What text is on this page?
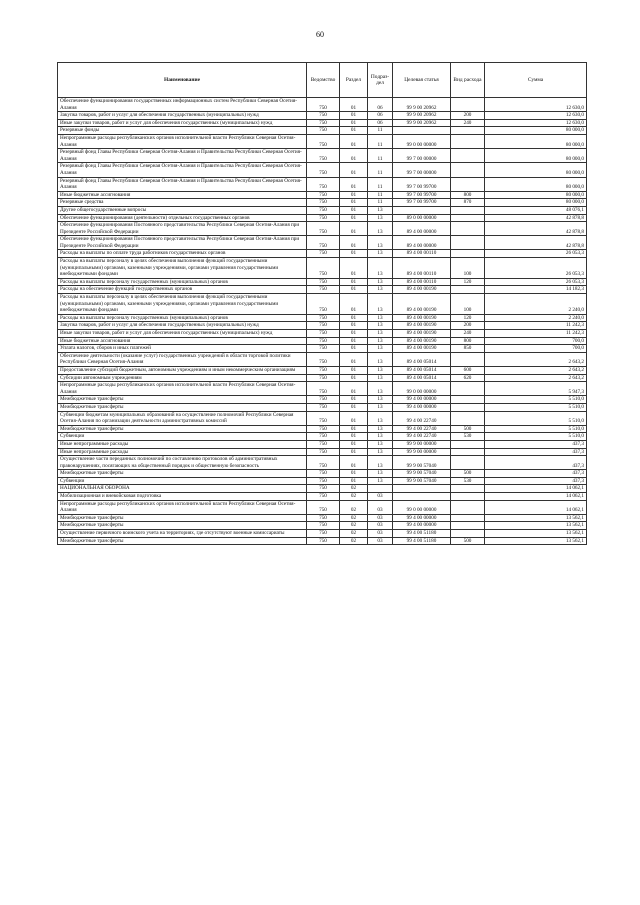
60
Наименование	Ведомство	Раздел	Подраз-дел	Целевая статья	Вид расхода	Сумма
Обеспечение функционирования государственных информационных систем Республики Северная Осетия-Алания	750	01	06	99 9 00 20962		12 630,0
Закупка товаров, работ и услуг для обеспечения государственных (муниципальных) нужд	750	01	06	99 9 00 20962	200	12 630,0
Иные закупки товаров, работ и услуг для обеспечения государственных (муниципальных) нужд	750	01	06	99 9 00 20962	240	12 630,0
Резервные фонды	750	01	11			80 000,0
Непрограммные расходы республиканских органов исполнительной власти Республики Северная Осетия-Алания	750	01	11	99 0 00 00000		80 000,0
Резервный фонд Главы Республики Северная Осетия-Алания и Правительства Республики Северная Осетия-Алания	750	01	11	99 7 00 00000		80 000,0
Резервный фонд Главы Республики Северная Осетия-Алания и Правительства Республики Северная Осетия-Алания	750	01	11	99 7 00 00000		80 000,0
Резервный фонд Главы Республики Северная Осетия-Алания и Правительства Республики Северная Осетия-Алания	750	01	11	99 7 00 99700		80 000,0
Иные бюджетные ассигнования	750	01	11	99 7 00 99700	800	80 000,0
Резервные средства	750	01	11	99 7 00 99700	870	80 000,0
Другие общегосударственные вопросы	750	01	13			48 076,1
Обеспечение функционирования (деятельности) отдельных государственных органов	750	01	13	89 0 00 00000		42 878,8
Обеспечение функционирования Постоянного представительства Республики Северная Осетия-Алания при Президенте Российской Федерации	750	01	13	89 4 00 00000		42 878,8
Обеспечение функционирования Постоянного представительства Республики Северная Осетия-Алания при Президенте Российской Федерации	750	01	13	89 4 00 00000		42 878,8
Расходы на выплаты по оплате труда работников государственных органов	750	01	13	89 4 00 00110		26 053,3
Расходы на выплаты персоналу в целях обеспечения выполнения функций государственными (муниципальными) органами, казенными учреждениями, органами управления государственными внебюджетными фондами	750	01	13	89 4 00 00110	100	26 053,3
Расходы на выплаты персоналу государственных (муниципальных) органов	750	01	13	89 4 00 00110	120	26 053,3
Расходы на обеспечение функций государственных органов	750	01	13	89 4 00 00190		14 182,3
Расходы на выплаты персоналу в целях обеспечения выполнения функций государственными (муниципальными) органами, казенными учреждениями, органами управления государственными внебюджетными фондами	750	01	13	89 4 00 00190	100	2 240,0
Расходы на выплаты персоналу государственных (муниципальных) органов	750	01	13	89 4 00 00190	120	2 240,0
Закупка товаров, работ и услуг для обеспечения государственных (муниципальных) нужд	750	01	13	89 4 00 00190	200	11 242,3
Иные закупки товаров, работ и услуг для обеспечения государственных (муниципальных) нужд	750	01	13	89 4 00 00190	240	11 242,3
Иные бюджетные ассигнования	750	01	13	89 4 00 00190	800	700,0
Уплата налогов, сборов и иных платежей	750	01	13	89 4 00 00190	850	700,0
Обеспечение деятельности (оказание услуг) государственных учреждений в области торговой политики Республики Северная Осетия-Алания	750	01	13	89 4 00 05014		2 643,2
Предоставление субсидий бюджетным, автономным учреждениям и иным некоммерческим организациям	750	01	13	89 4 00 05014	600	2 643,2
Субсидии автономным учреждениям	750	01	13	89 4 00 05014	620	2 643,2
Непрограммные расходы республиканских органов исполнительной власти Республики Северная Осетия-Алания	750	01	13	99 0 00 00000		5 947,3
Межбюджетные трансферты	750	01	13	99 4 00 00000		5 510,0
Межбюджетные трансферты	750	01	13	99 4 00 00000		5 510,0
Субвенции бюджетам муниципальных образований на осуществление полномочий Республики Северная Осетия-Алания по организации деятельности административных комиссий	750	01	13	99 4 00 22740		5 510,0
Межбюджетные трансферты	750	01	13	99 4 00 22740	500	5 510,0
Субвенции	750	01	13	99 4 00 22740	530	5 510,0
Иные непрограммные расходы	750	01	13	99 9 00 00000		437,3
Иные непрограммные расходы	750	01	13	99 9 00 00000		437,3
Осуществление части переданных полномочий по составлению протоколов об административных правонарушениях, посягающих на общественный порядок и общественную безопасность	750	01	13	99 9 00 57040		437,3
Межбюджетные трансферты	750	01	13	99 9 00 57040	500	437,3
Субвенции	750	01	13	99 9 00 57040	530	437,3
НАЦИОНАЛЬНАЯ ОБОРОНА	750	02				14 062,1
Мобилизационная и вневойсковая подготовка	750	02	03			14 062,1
Непрограммные расходы республиканских органов исполнительной власти Республики Северная Осетия-Алания	750	02	03	99 0 00 00000		14 062,1
Межбюджетные трансферты	750	02	03	99 4 00 00000		13 562,1
Межбюджетные трансферты	750	02	03	99 4 00 00000		13 562,1
Осуществление первичного воинского учета на территориях, где отсутствуют военные комиссариаты	750	02	03	99 4 00 51180		13 562,1
Межбюджетные трансферты	750	02	03	99 4 00 51180	500	13 562,1
